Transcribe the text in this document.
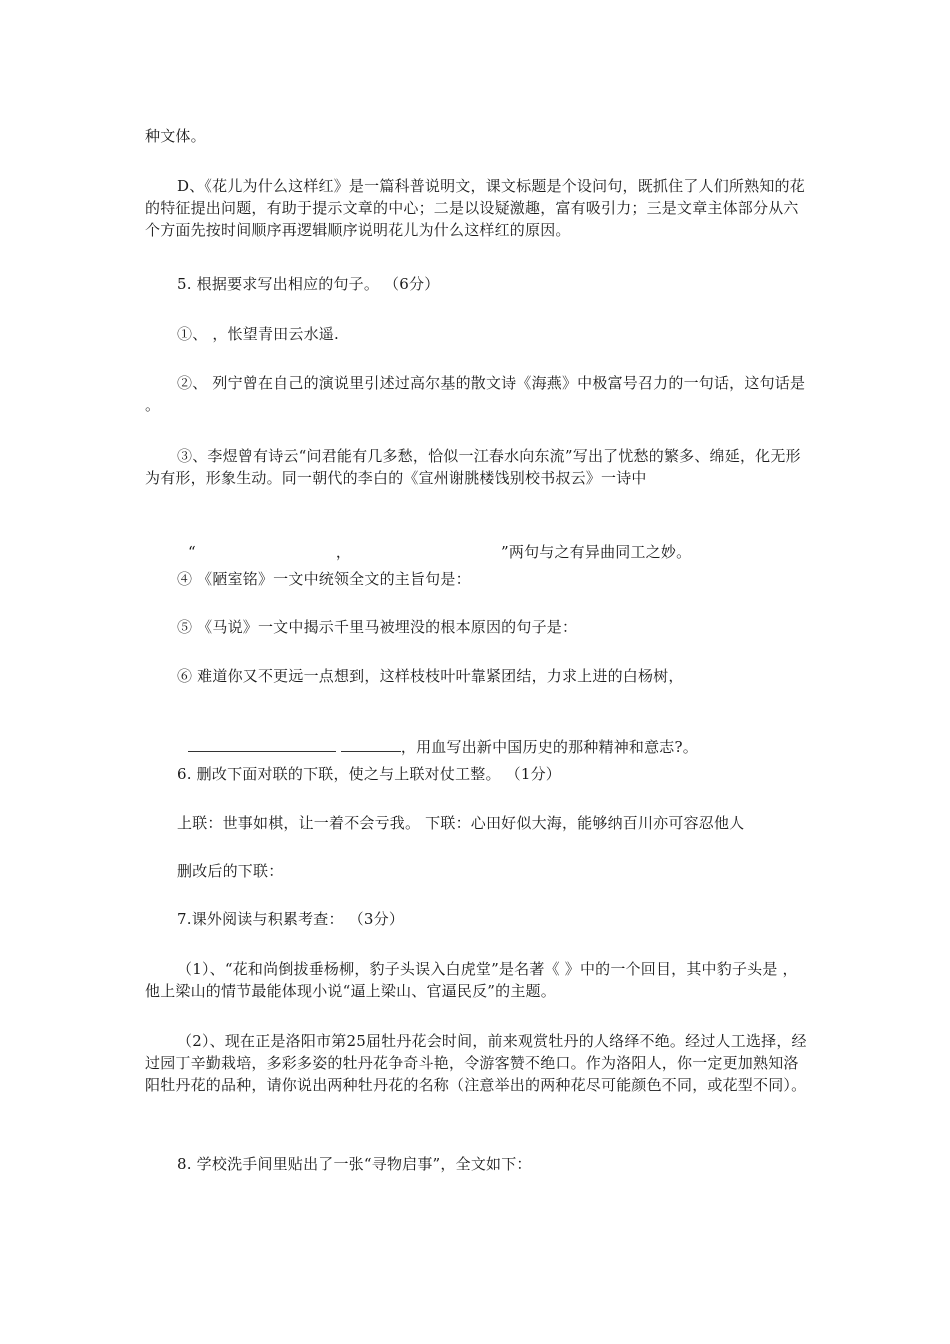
种文体。
D、《花儿为什么这样红》是一篇科普说明文，课文标题是个设问句，既抓住了人们所熟知的花的特征提出问题，有助于提示文章的中心；二是以设疑激趣，富有吸引力；三是文章主体部分从六个方面先按时间顺序再逻辑顺序说明花儿为什么这样红的原因。
5. 根据要求写出相应的句子。 （6分）
①、 ，怅望青田云水遥.
②、 列宁曾在自己的演说里引述过高尔基的散文诗《海燕》中极富号召力的一句话，这句话是 。
③、李煜曾有诗云“问君能有几多愁，恰似一江春水向东流”写出了忧愁的繁多、绵延，化无形为有形，形象生动。同一朝代的李白的《宣州谢朓楼饯别校书叔云》一诗中

“	，	”两句与之有异曲同工之妙。

④ 《陋室铭》一文中统领全文的主旨句是：
⑤ 《马说》一文中揭示千里马被埋没的根本原因的句子是：
⑥ 难道你又不更远一点想到，这样枝枝叶叶靠紧团结，力求上进的白杨树，

，用血写出新中国历史的那种精神和意志?。

6. 删改下面对联的下联，使之与上联对仗工整。 （1分）
上联：世事如棋，让一着不会亏我。 下联：心田好似大海，能够纳百川亦可容忍他人
删改后的下联：
7.课外阅读与积累考查： （3分）
（1）、“花和尚倒拔垂杨柳，豹子头误入白虎堂”是名著《 》中的一个回目，其中豹子头是 ，他上梁山的情节最能体现小说“逼上梁山、官逼民反”的主题。
（2）、现在正是洛阳市第25届牡丹花会时间，前来观赏牡丹的人络绎不绝。经过人工选择，经过园丁辛勤栽培，多彩多姿的牡丹花争奇斗艳，令游客赞不绝口。作为洛阳人，你一定更加熟知洛阳牡丹花的品种，请你说出两种牡丹花的名称（注意举出的两种花尽可能颜色不同，或花型不同）。
8. 学校洗手间里贴出了一张“寻物启事”，全文如下：
